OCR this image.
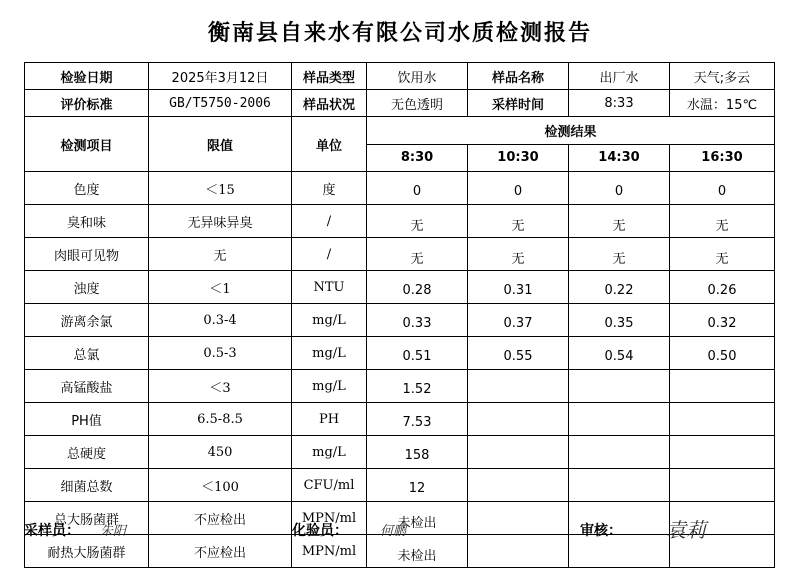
衡南县自来水有限公司水质检测报告
检验日期	2025年3月12日	样品类型	饮用水	样品名称	出厂水	天气;多云
评价标准	GB/T5750-2006	样品状况	无色透明	采样时间	8:33	水温：15℃
检测项目	限值	单位	检测结果			
			8:30	10:30	14:30	16:30
色度	＜15	度	0	0	0	0
臭和味	无异味异臭	/	无	无	无	无
肉眼可见物	无	/	无	无	无	无
浊度	＜1	NTU	0.28	0.31	0.22	0.26
游离余氯	0.3-4	mg/L	0.33	0.37	0.35	0.32
总氯	0.5-3	mg/L	0.51	0.55	0.54	0.50
高锰酸盐	＜3	mg/L	1.52			
PH值	6.5-8.5	PH	7.53			
总硬度	450	mg/L	158			
细菌总数	＜100	CFU/ml	12			
总大肠菌群	不应检出	MPN/ml	未检出			
耐热大肠菌群	不应检出	MPN/ml	未检出			
采样员： 朱阳	化验员： 何鹏	审核： 袁莉
